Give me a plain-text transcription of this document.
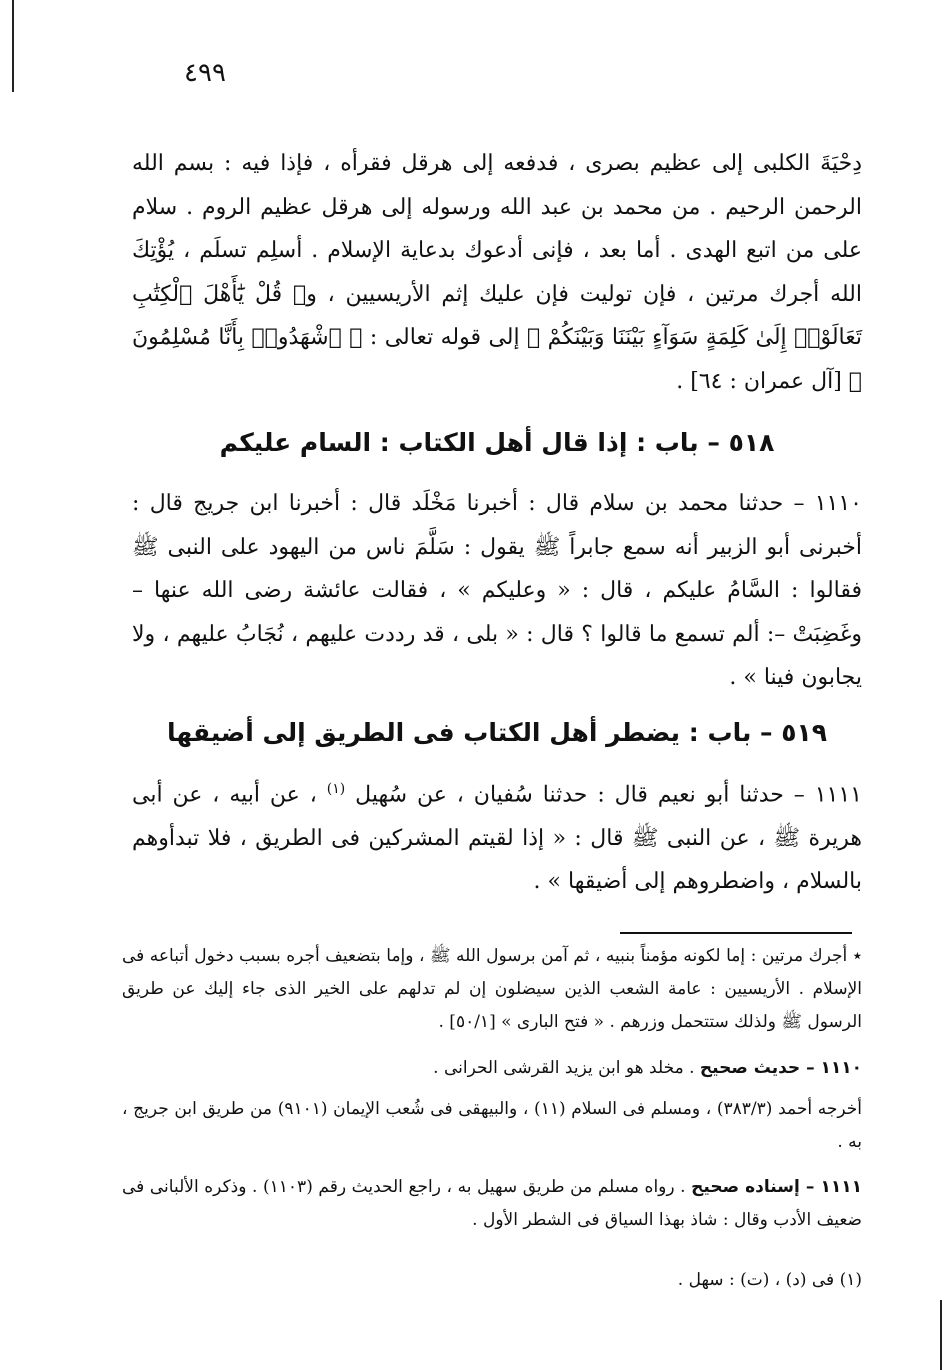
٤٩٩

دِحْيَةَ الكلبى إلى عظيم بصرى ، فدفعه إلى هرقل فقرأه ، فإذا فيه : بسم الله الرحمن الرحيم . من محمد بن عبد الله ورسوله إلى هرقل عظيم الروم . سلام على من اتبع الهدى . أما بعد ، فإنى أدعوك بدعاية الإسلام . أسلِم تسلَم ، يُؤْتِكَ الله أجرك مرتين ، فإن توليت فإن عليك إثم الأريسيين ، و﴿ قُلْ يَٰٓأَهْلَ ٱلْكِتَٰبِ تَعَالَوْا۟ إِلَىٰ كَلِمَةٍ سَوَآءٍ بَيْنَنَا وَبَيْنَكُمْ ﴾ إلى قوله تعالى : ﴿ ٱشْهَدُوا۟ بِأَنَّا مُسْلِمُونَ ﴾ [آل عمران : ٦٤] .

٥١٨ – باب : إذا قال أهل الكتاب : السام عليكم

١١١٠ – حدثنا محمد بن سلام قال : أخبرنا مَخْلَد قال : أخبرنا ابن جريج قال : أخبرنى أبو الزبير أنه سمع جابراً ﷺ يقول : سَلَّمَ ناس من اليهود على النبى ﷺ فقالوا : السَّامُ عليكم ، قال : « وعليكم » ، فقالت عائشة رضى الله عنها – وغَضِبَتْ –: ألم تسمع ما قالوا ؟ قال : « بلى ، قد رددت عليهم ، نُجَابُ عليهم ، ولا يجابون فينا » .

٥١٩ – باب : يضطر أهل الكتاب فى الطريق إلى أضيقها

١١١١ – حدثنا أبو نعيم قال : حدثنا سُفيان ، عن سُهيل $^{(١)}$ ، عن أبيه ، عن أبى هريرة ﷺ ، عن النبى ﷺ قال : « إذا لقيتم المشركين فى الطريق ، فلا تبدأوهم بالسلام ، واضطروهم إلى أضيقها » .

٭ أجرك مرتين : إما لكونه مؤمناً بنبيه ، ثم آمن برسول الله ﷺ ، وإما بتضعيف أجره بسبب دخول أتباعه فى الإسلام . الأريسيين : عامة الشعب الذين سيضلون إن لم تدلهم على الخير الذى جاء إليك عن طريق الرسول ﷺ ولذلك ستتحمل وزرهم . « فتح البارى » [٥٠/١] .

١١١٠ – حديث صحيح . مخلد هو ابن يزيد القرشى الحرانى .

أخرجه أحمد (٣٨٣/٣) ، ومسلم فى السلام (١١) ، والبيهقى فى شُعب الإيمان (٩١٠١) من طريق ابن جريج ، به .

١١١١ – إسناده صحيح . رواه مسلم من طريق سهيل به ، راجع الحديث رقم (١١٠٣) . وذكره الألبانى فى ضعيف الأدب وقال : شاذ بهذا السياق فى الشطر الأول .

(١) فى (د) ، (ت) : سهل .
